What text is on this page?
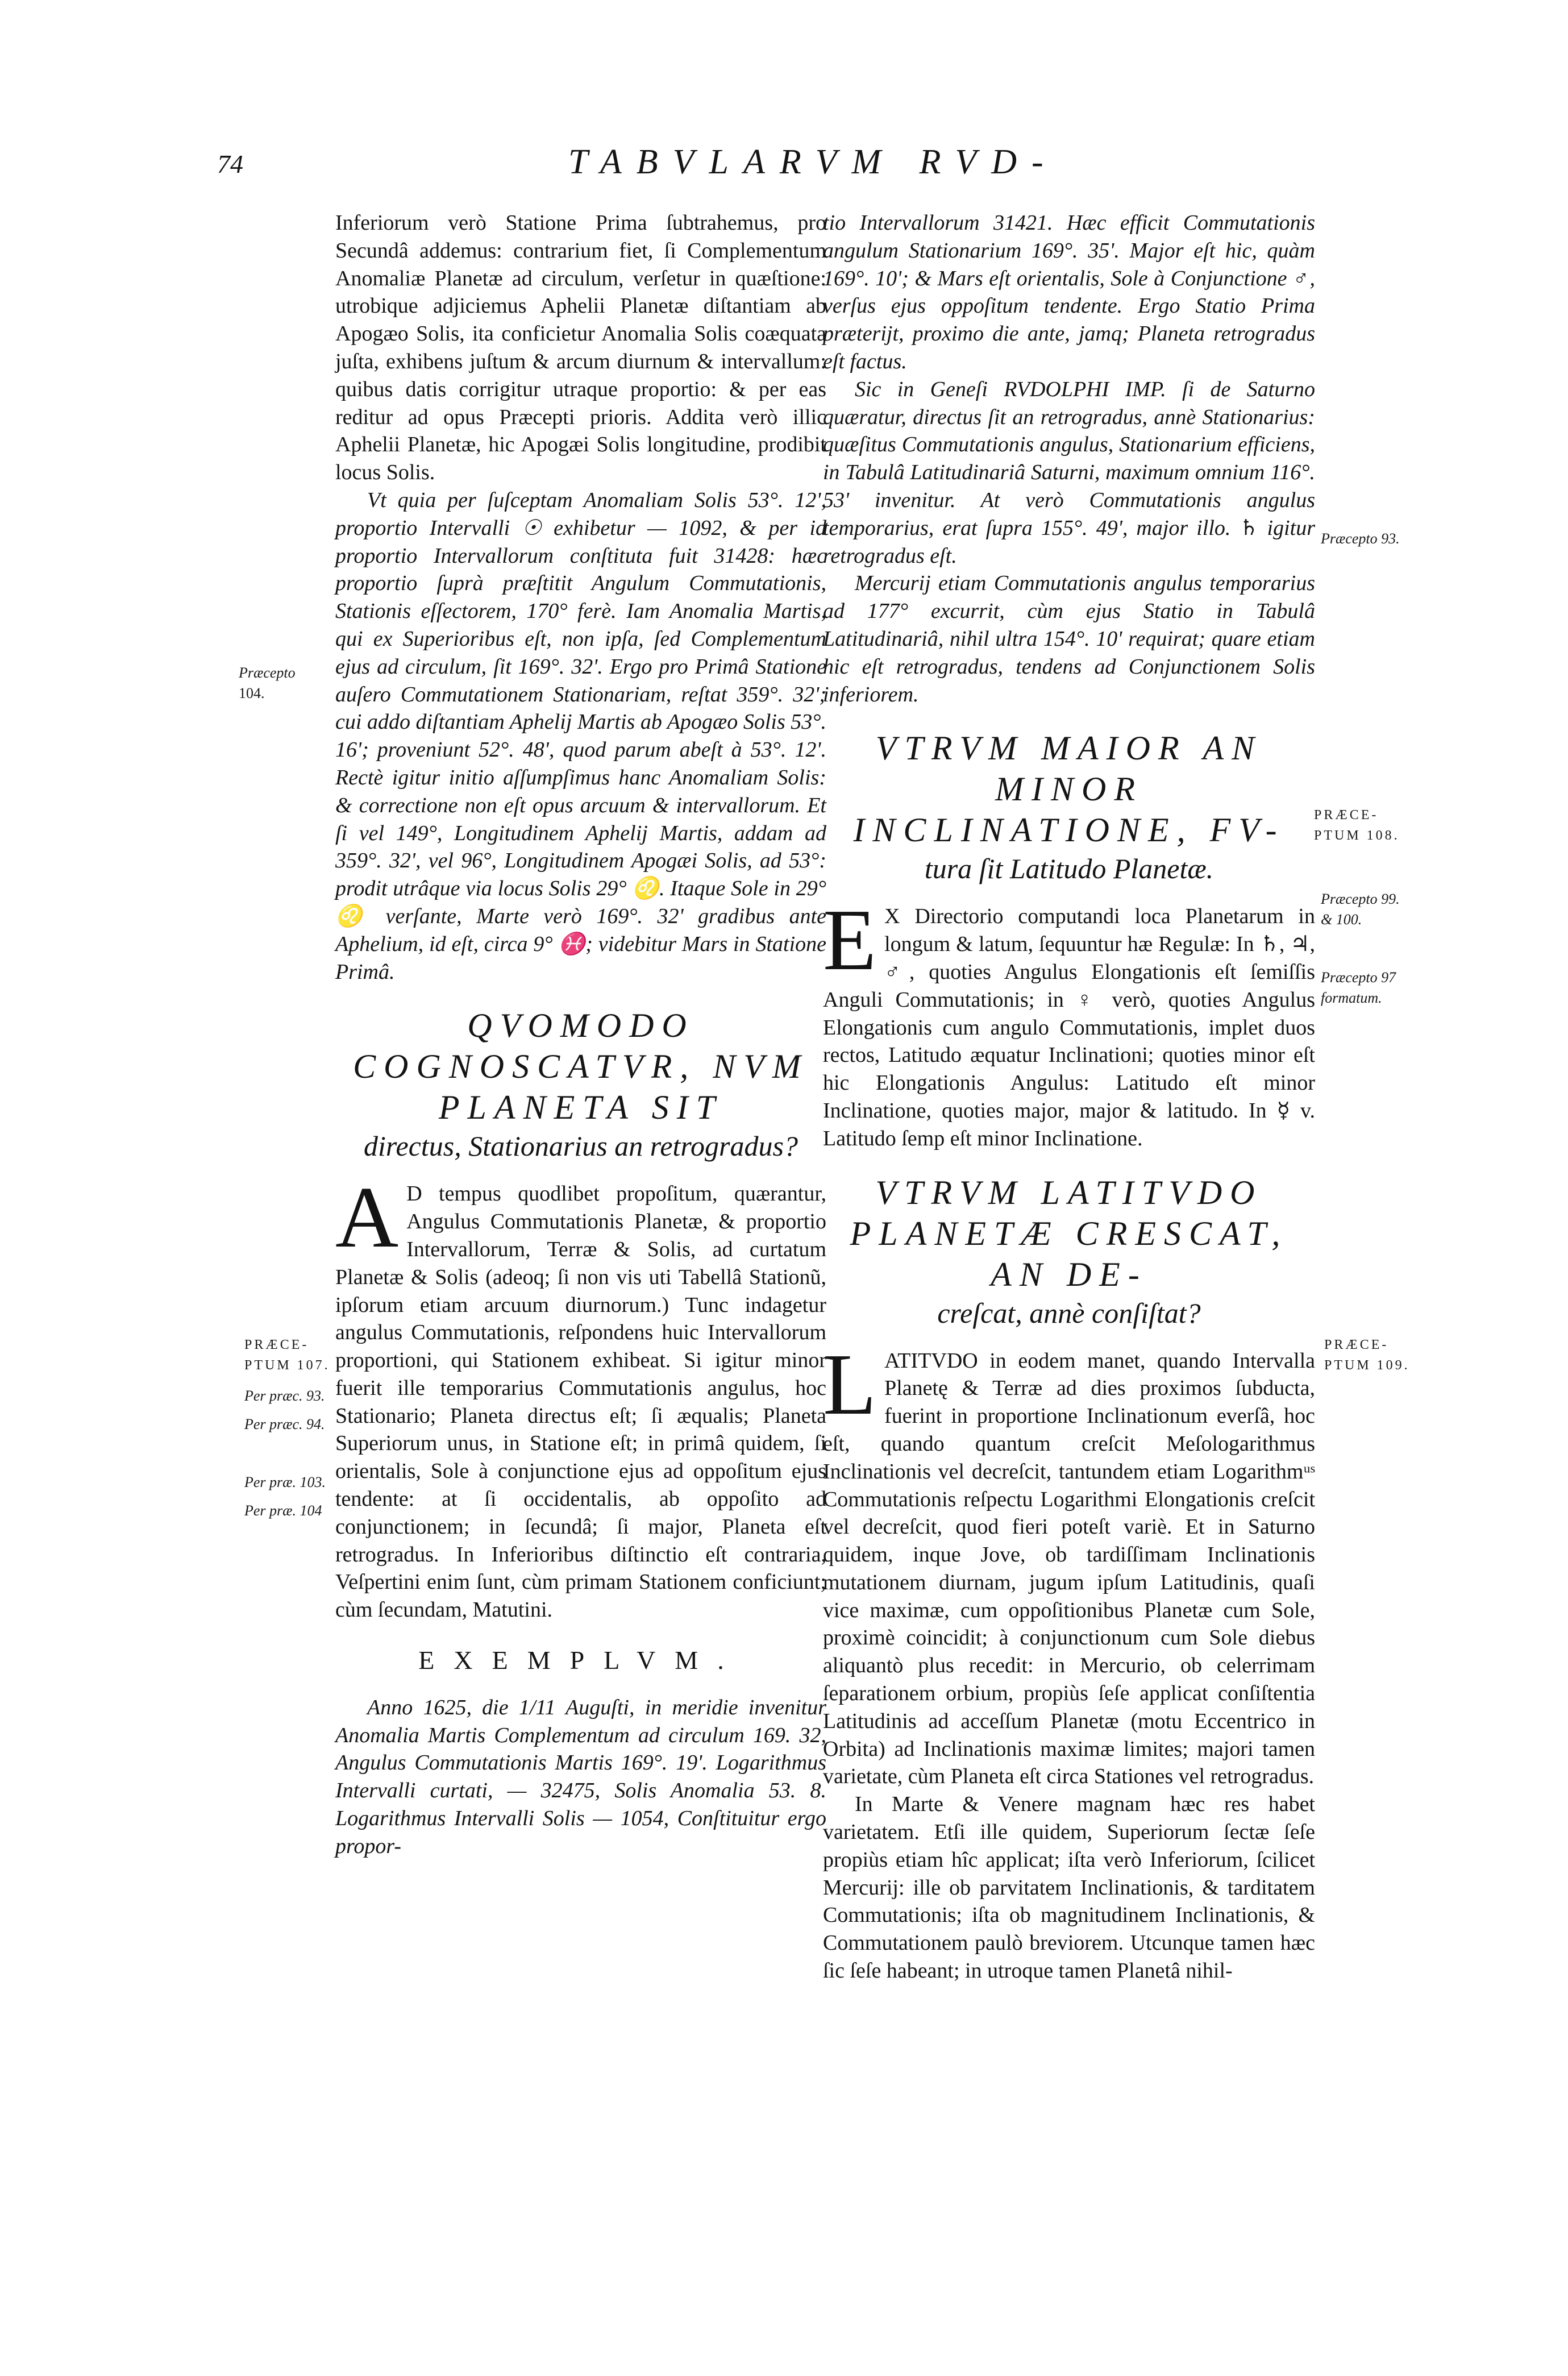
74	TABVLARVM RVD-

Inferiorum verò Statione Prima ſubtrahemus, pro Secundâ addemus: contrarium fiet, ſi Complementum Anomaliæ Planetæ ad circulum, verſetur in quæſtione: utrobique adjiciemus Aphelii Planetæ diſtantiam ab Apogæo Solis, ita conficietur Anomalia Solis coæquata juſta, exhibens juſtum & arcum diurnum & intervallum: quibus datis corrigitur utraque proportio: & per eas reditur ad opus Præcepti prioris. Addita verò illic Aphelii Planetæ, hic Apogæi Solis longitudine, prodibit locus Solis.

Vt quia per ſuſceptam Anomaliam Solis 53°. 12', proportio Intervalli ☉ exhibetur — 1092, & per id proportio Intervallorum conſtituta fuit 31428: hæc proportio ſuprà præſtitit Angulum Commutationis, Stationis eſſectorem, 170° ferè. Iam Anomalia Martis, qui ex Superioribus eſt, non ipſa, ſed Complementum ejus ad circulum, ſit 169°. 32'. Ergo pro Primâ Statione auſero Commutationem Stationariam, reſtat 359°. 32'; cui addo diſtantiam Aphelij Martis ab Apogæo Solis 53°. 16'; proveniunt 52°. 48', quod parum abeſt à 53°. 12'. Rectè igitur initio aſſumpſimus hanc Anomaliam Solis: & correctione non eſt opus arcuum & intervallorum. Et ſi vel 149°, Longitudinem Aphelij Martis, addam ad 359°. 32', vel 96°, Longitudinem Apogæi Solis, ad 53°: prodit utrâque via locus Solis 29° ♌. Itaque Sole in 29° ♌ verſante, Marte verò 169°. 32' gradibus ante Aphelium, id eſt, circa 9° ♓; videbitur Mars in Statione Primâ.

QVOMODO COGNOSCATVR, NVM PLANETA SIT
directus, Stationarius an retrogradus?

A D tempus quodlibet propoſitum, quærantur, Angulus Commutationis Planetæ, & proportio Intervallorum, Terræ & Solis, ad curtatum Planetæ & Solis (adeoq; ſi non vis uti Tabellâ Stationũ, ipſorum etiam arcuum diurnorum.) Tunc indagetur angulus Commutationis, reſpondens huic Intervallorum proportioni, qui Stationem exhibeat. Si igitur minor fuerit ille temporarius Commutationis angulus, hoc Stationario; Planeta directus eſt; ſi æqualis; Planeta Superiorum unus, in Statione eſt; in primâ quidem, ſi orientalis, Sole à conjunctione ejus ad oppoſitum ejus tendente: at ſi occidentalis, ab oppoſito ad conjunctionem; in ſecundâ; ſi major, Planeta eſt retrogradus. In Inferioribus diſtinctio eſt contraria, Veſpertini enim ſunt, cùm primam Stationem conficiunt; cùm ſecundam, Matutini.

EXEMPLVM.

Anno 1625, die 1/11 Auguſti, in meridie invenitur Anomalia Martis Complementum ad circulum 169. 32, Angulus Commutationis Martis 169°. 19'. Logarithmus Intervalli curtati, — 32475, Solis Anomalia 53. 8. Logarithmus Intervalli Solis — 1054, Conſtituitur ergo propor-

tio Intervallorum 31421. Hæc efficit Commutationis angulum Stationarium 169°. 35'. Major eſt hic, quàm 169°. 10'; & Mars eſt orientalis, Sole à Conjunctione ♂, verſus ejus oppoſitum tendente. Ergo Statio Prima præterijt, proximo die ante, jamq; Planeta retrogradus eſt factus.

Sic in Geneſi RVDOLPHI IMP. ſi de Saturno quæratur, directus ſit an retrogradus, annè Stationarius: quæſitus Commutationis angulus, Stationarium efficiens, in Tabulâ Latitudinariâ Saturni, maximum omnium 116°. 53' invenitur. At verò Commutationis angulus temporarius, erat ſupra 155°. 49', major illo. ♄ igitur retrogradus eſt.

Mercurij etiam Commutationis angulus temporarius ad 177° excurrit, cùm ejus Statio in Tabulâ Latitudinariâ, nihil ultra 154°. 10' requirat; quare etiam hic eſt retrogradus, tendens ad Conjunctionem Solis inferiorem.

VTRVM MAIOR AN MINOR INCLINATIONE, FV-
tura ſit Latitudo Planetæ.

E X Directorio computandi loca Planetarum in longum & latum, ſequuntur hæ Regulæ: In ♄, ♃, ♂, quoties Angulus Elongationis eſt ſemiſſis Anguli Commutationis; in ♀ verò, quoties Angulus Elongationis cum angulo Commutationis, implet duos rectos, Latitudo æquatur Inclinationi; quoties minor eſt hic Elongationis Angulus: Latitudo eſt minor Inclinatione, quoties major, major & latitudo. In ☿ v. Latitudo ſemp eſt minor Inclinatione.

VTRVM LATITVDO PLANETÆ CRESCAT, AN DE-
creſcat, annè conſiſtat?

LATITVDO in eodem manet, quando Intervalla Planetę & Terræ ad dies proximos ſubducta, fuerint in proportione Inclinationum everſâ, hoc eſt, quando quantum creſcit Meſologarithmus Inclinationis vel decreſcit, tantundem etiam Logarithmᵘˢ Commutationis reſpectu Logarithmi Elongationis creſcit vel decreſcit, quod fieri poteſt variè. Et in Saturno quidem, inque Jove, ob tardiſſimam Inclinationis mutationem diurnam, jugum ipſum Latitudinis, quaſi vice maximæ, cum oppoſitionibus Planetæ cum Sole, proximè coincidit; à conjunctionum cum Sole diebus aliquantò plus recedit: in Mercurio, ob celerrimam ſeparationem orbium, propiùs ſeſe applicat conſiſtentia Latitudinis ad acceſſum Planetæ (motu Eccentrico in Orbita) ad Inclinationis maximæ limites; majori tamen varietate, cùm Planeta eſt circa Stationes vel retrogradus.

In Marte & Venere magnam hæc res habet varietatem. Etſi ille quidem, Superiorum ſectæ ſeſe propiùs etiam hîc applicat; iſta verò Inferiorum, ſcilicet Mercurij: ille ob parvitatem Inclinationis, & tarditatem Commutationis; iſta ob magnitudinem Inclinationis, & Commutationem paulò breviorem. Utcunque tamen hæc ſic ſeſe habeant; in utroque tamen Planetâ nihil-

Præcepto
104.
PRÆCE-
PTUM 107.
Per præc. 93.
Per præc. 94.
Per præ. 103.
Per præ. 104
Præcepto 93.
PRÆCE-
PTUM 108.
Præcepto 99.
& 100.
Præcepto 97
formatum.
PRÆCE-
PTUM 109.
